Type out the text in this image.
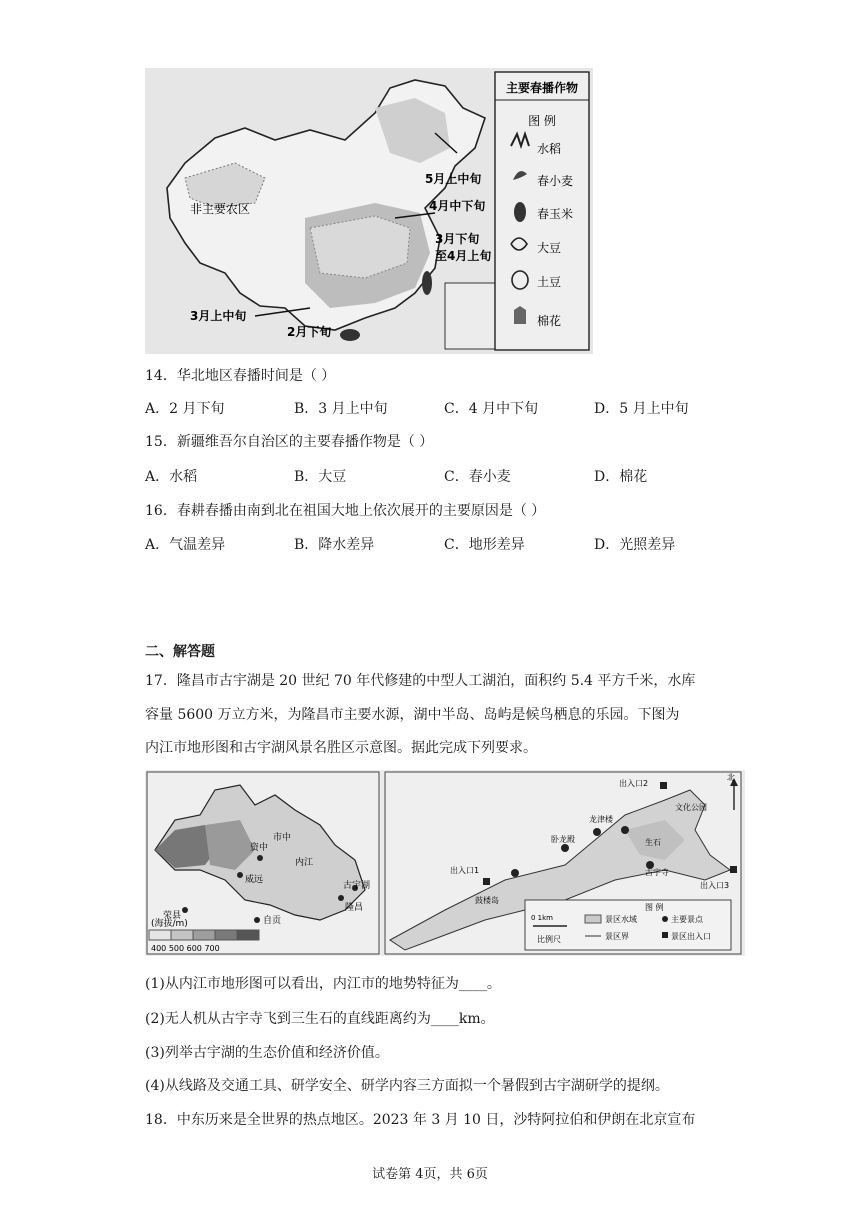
主要春播作物
图 例
水稻
春小麦
春玉米
大豆
土豆
棉花
非主要农区
5月上中旬
4月中下旬
3月下旬
至4月上旬
3月上中旬
2月下旬
14．华北地区春播时间是（ ）
A．2 月下旬	B．3 月上中旬	C．4 月中下旬	D．5 月上中旬
15．新疆维吾尔自治区的主要春播作物是（ ）
A．水稻	B．大豆	C．春小麦	D．棉花
16．春耕春播由南到北在祖国大地上依次展开的主要原因是（ ）
A．气温差异	B．降水差异	C．地形差异	D．光照差异
二、解答题
17．隆昌市古宇湖是 20 世纪 70 年代修建的中型人工湖泊，面积约 5.4 平方千米，水库
容量 5600 万立方米，为隆昌市主要水源，湖中半岛、岛屿是候鸟栖息的乐园。下图为
内江市地形图和古宇湖风景名胜区示意图。据此完成下列要求。
资中
威远
内江
荣县	自贡
古宇湖
隆昌
市中
(海拔/m)
400 500 600 700
出入口2
文化公园
龙津楼
卧龙殿
出入口1
鼓楼岛
古宇寺
出入口3
生石
北
图 例
景区水域	主要景点
景区界	景区出入口
0 1km
比例尺
(1)从内江市地形图可以看出，内江市的地势特征为____。
(2)无人机从古宇寺飞到三生石的直线距离约为____km。
(3)列举古宇湖的生态价值和经济价值。
(4)从线路及交通工具、研学安全、研学内容三方面拟一个暑假到古宇湖研学的提纲。
18．中东历来是全世界的热点地区。2023 年 3 月 10 日，沙特阿拉伯和伊朗在北京宣布
试卷第 4页，共 6页
